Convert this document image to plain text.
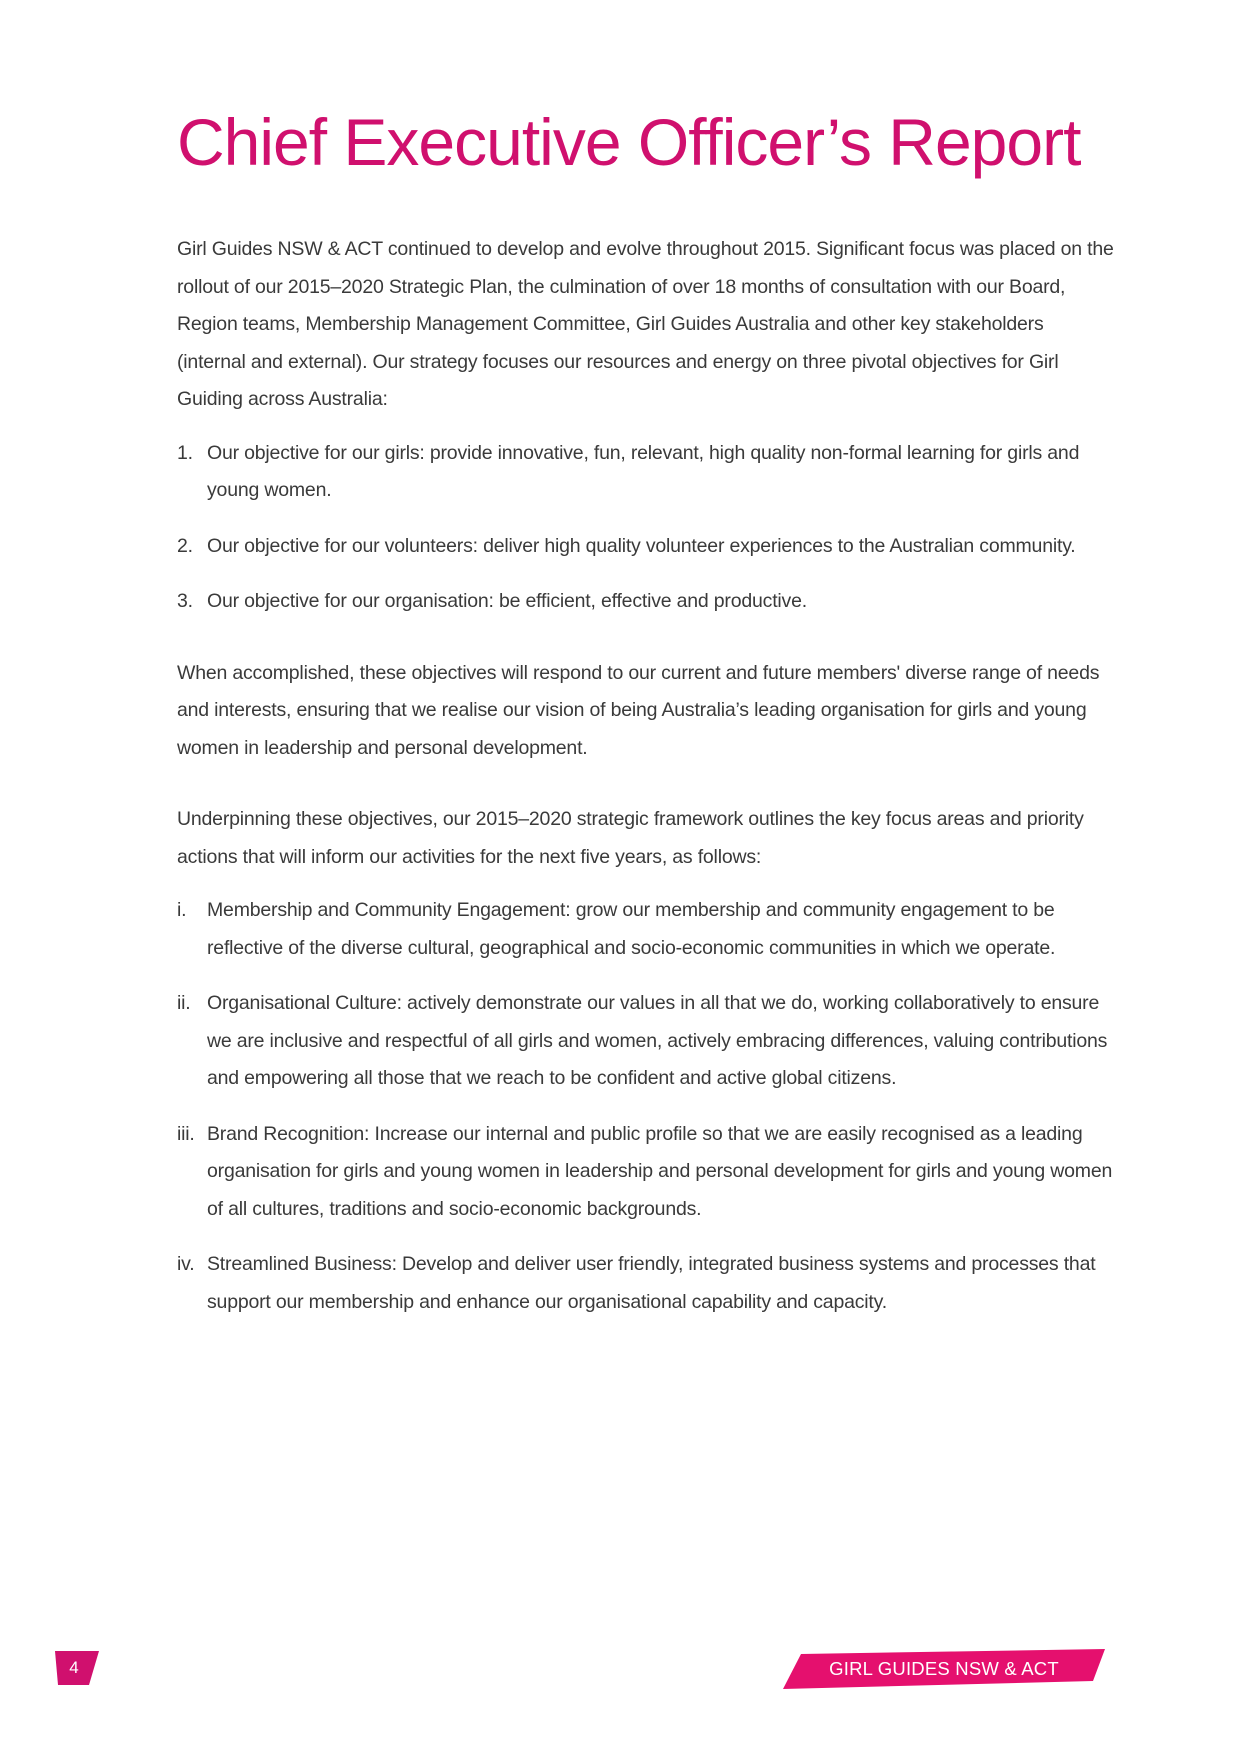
Chief Executive Officer’s Report

Girl Guides NSW & ACT continued to develop and evolve throughout 2015. Significant focus was placed on the rollout of our 2015–2020 Strategic Plan, the culmination of over 18 months of consultation with our Board, Region teams, Membership Management Committee, Girl Guides Australia and other key stakeholders (internal and external). Our strategy focuses our resources and energy on three pivotal objectives for Girl Guiding across Australia:

1. Our objective for our girls: provide innovative, fun, relevant, high quality non-formal learning for girls and young women.
2. Our objective for our volunteers: deliver high quality volunteer experiences to the Australian community.
3. Our objective for our organisation: be efficient, effective and productive.

When accomplished, these objectives will respond to our current and future members' diverse range of needs and interests, ensuring that we realise our vision of being Australia’s leading organisation for girls and young women in leadership and personal development.

Underpinning these objectives, our 2015–2020 strategic framework outlines the key focus areas and priority actions that will inform our activities for the next five years, as follows:

i. Membership and Community Engagement: grow our membership and community engagement to be reflective of the diverse cultural, geographical and socio-economic communities in which we operate.
ii. Organisational Culture: actively demonstrate our values in all that we do, working collaboratively to ensure we are inclusive and respectful of all girls and women, actively embracing differences, valuing contributions and empowering all those that we reach to be confident and active global citizens.
iii. Brand Recognition: Increase our internal and public profile so that we are easily recognised as a leading organisation for girls and young women in leadership and personal development for girls and young women of all cultures, traditions and socio-economic backgrounds.
iv. Streamlined Business: Develop and deliver user friendly, integrated business systems and processes that support our membership and enhance our organisational capability and capacity.
4	GIRL GUIDES NSW & ACT
